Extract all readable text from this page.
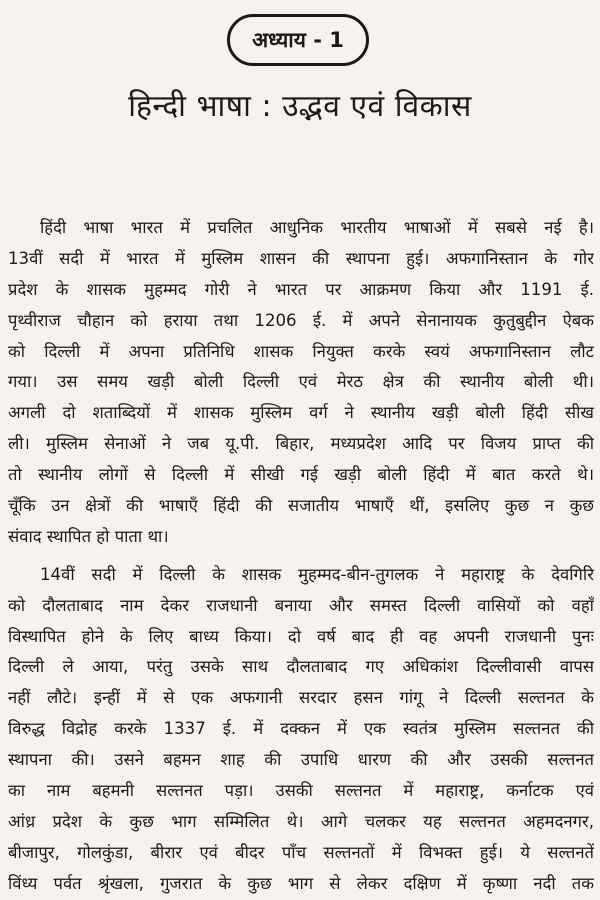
अध्याय - 1
हिन्दी भाषा : उद्भव एवं विकास
हिंदी भाषा भारत में प्रचलित आधुनिक भारतीय भाषाओं में सबसे नई है।
13वीं सदी में भारत में मुस्लिम शासन की स्थापना हुई। अफगानिस्तान के गोर
प्रदेश के शासक मुहम्मद गोरी ने भारत पर आक्रमण किया और 1191 ई.
पृथ्वीराज चौहान को हराया तथा 1206 ई. में अपने सेनानायक कुतुबुद्दीन ऐबक
को दिल्ली में अपना प्रतिनिधि शासक नियुक्त करके स्वयं अफगानिस्तान लौट
गया। उस समय खड़ी बोली दिल्ली एवं मेरठ क्षेत्र की स्थानीय बोली थी।
अगली दो शताब्दियों में शासक मुस्लिम वर्ग ने स्थानीय खड़ी बोली हिंदी सीख
ली। मुस्लिम सेनाओं ने जब यू.पी. बिहार, मध्यप्रदेश आदि पर विजय प्राप्त की
तो स्थानीय लोगों से दिल्ली में सीखी गई खड़ी बोली हिंदी में बात करते थे।
चूँकि उन क्षेत्रों की भाषाएँ हिंदी की सजातीय भाषाएँ थीं, इसलिए कुछ न कुछ
संवाद स्थापित हो पाता था।
14वीं सदी में दिल्ली के शासक मुहम्मद-बीन-तुगलक ने महाराष्ट्र के देवगिरि
को दौलताबाद नाम देकर राजधानी बनाया और समस्त दिल्ली वासियों को वहाँ
विस्थापित होने के लिए बाध्य किया। दो वर्ष बाद ही वह अपनी राजधानी पुनः
दिल्ली ले आया, परंतु उसके साथ दौलताबाद गए अधिकांश दिल्लीवासी वापस
नहीं लौटे। इन्हीं में से एक अफगानी सरदार हसन गांगू ने दिल्ली सल्तनत के
विरुद्ध विद्रोह करके 1337 ई. में दक्कन में एक स्वतंत्र मुस्लिम सल्तनत की
स्थापना की। उसने बहमन शाह की उपाधि धारण की और उसकी सल्तनत
का नाम बहमनी सल्तनत पड़ा। उसकी सल्तनत में महाराष्ट्र, कर्नाटक एवं
आंध्र प्रदेश के कुछ भाग सम्मिलित थे। आगे चलकर यह सल्तनत अहमदनगर,
बीजापुर, गोलकुंडा, बीरार एवं बीदर पाँच सल्तनतों में विभक्त हुई। ये सल्तनतें
विंध्य पर्वत श्रृंखला, गुजरात के कुछ भाग से लेकर दक्षिण में कृष्णा नदी तक
